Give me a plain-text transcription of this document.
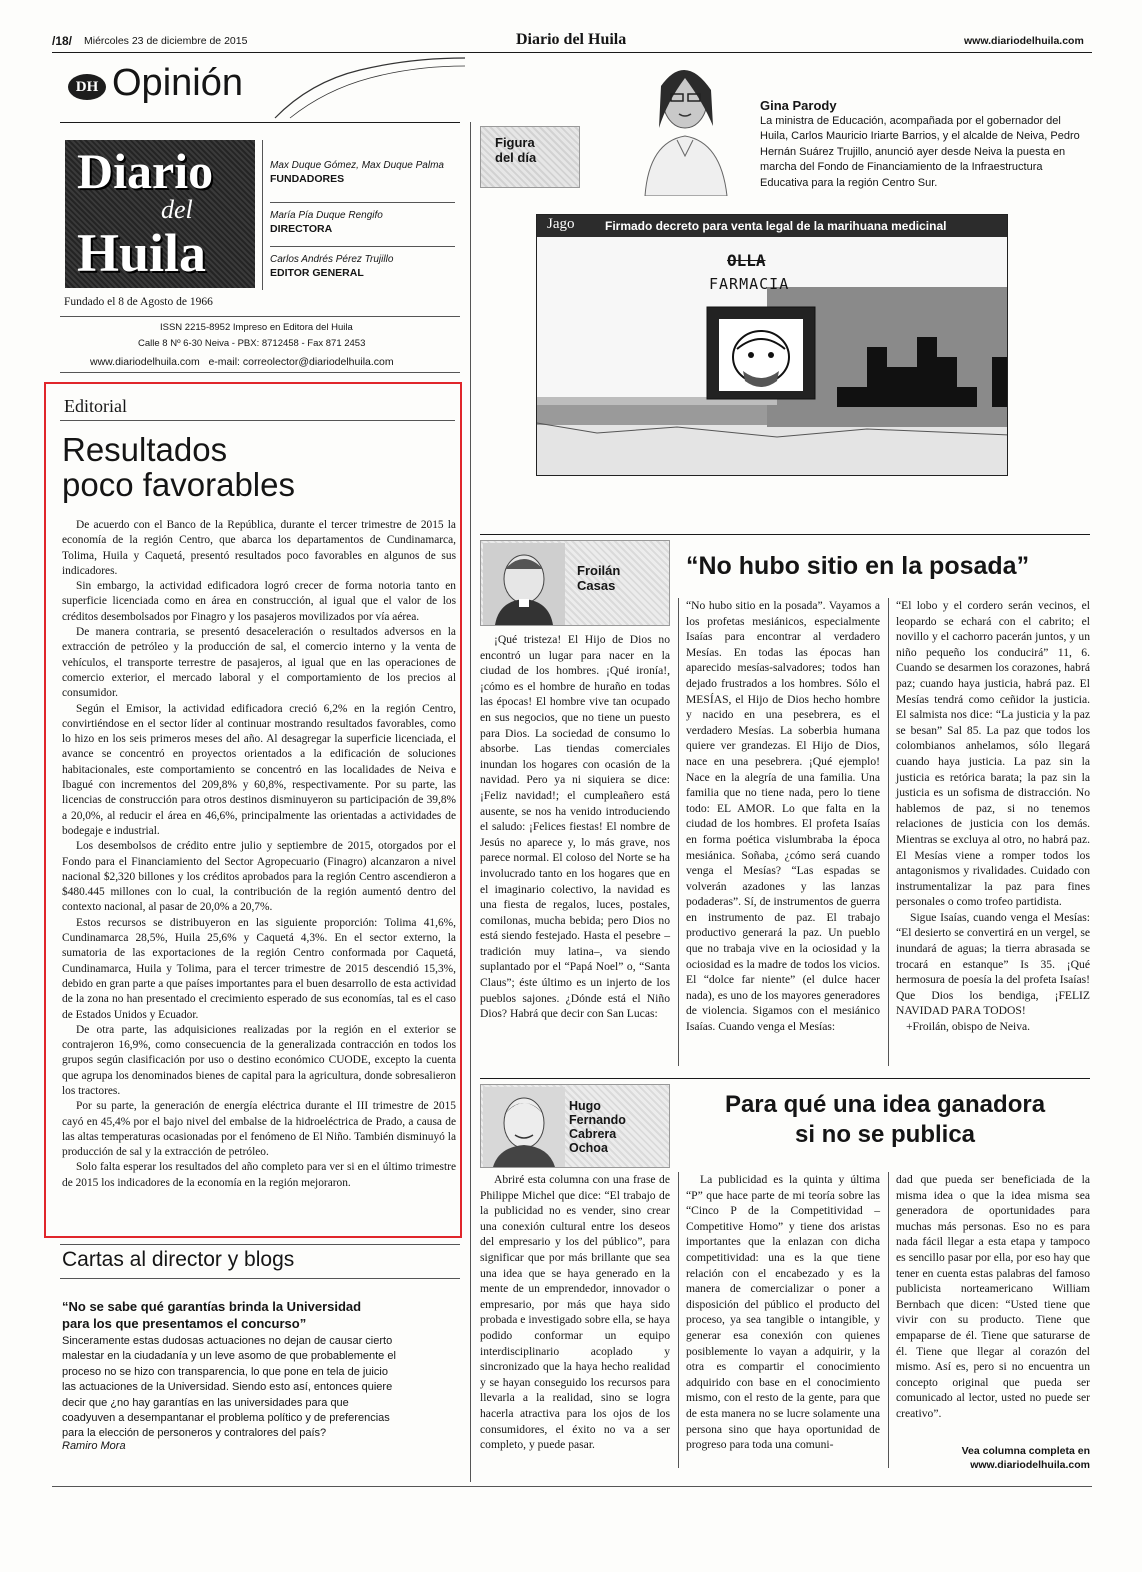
/18/ Miércoles 23 de diciembre de 2015	Diario del Huila	www.diariodelhuila.com
DH Opinión
Diario
del
Huila
Max Duque Gómez, Max Duque Palma
FUNDADORES
María Pía Duque Rengifo
DIRECTORA
Carlos Andrés Pérez Trujillo
EDITOR GENERAL
Fundado el 8 de Agosto de 1966
ISSN 2215-8952 Impreso en Editora del Huila
Calle 8 Nº 6-30 Neiva - PBX: 8712458 - Fax 871 2453
www.diariodelhuila.com   e-mail: correolector@diariodelhuila.com
Editorial
Resultados
poco favorables

De acuerdo con el Banco de la República, durante el tercer trimestre de 2015 la economía de la región Centro, que abarca los departamentos de Cundinamarca, Tolima, Huila y Caquetá, presentó resultados poco favorables en algunos de sus indicadores.

Sin embargo, la actividad edificadora logró crecer de forma notoria tanto en superficie licenciada como en área en construcción, al igual que el valor de los créditos desembolsados por Finagro y los pasajeros movilizados por vía aérea.

De manera contraria, se presentó desaceleración o resultados adversos en la extracción de petróleo y la producción de sal, el comercio interno y la venta de vehículos, el transporte terrestre de pasajeros, al igual que en las operaciones de comercio exterior, el mercado laboral y el comportamiento de los precios al consumidor.

Según el Emisor, la actividad edificadora creció 6,2% en la región Centro, convirtiéndose en el sector líder al continuar mostrando resultados favorables, como lo hizo en los seis primeros meses del año. Al desagregar la superficie licenciada, el avance se concentró en proyectos orientados a la edificación de soluciones habitacionales, este comportamiento se concentró en las localidades de Neiva e Ibagué con incrementos del 209,8% y 60,8%, respectivamente. Por su parte, las licencias de construcción para otros destinos disminuyeron su participación de 39,8% a 20,0%, al reducir el área en 46,6%, principalmente las orientadas a actividades de bodegaje e industrial.

Los desembolsos de crédito entre julio y septiembre de 2015, otorgados por el Fondo para el Financiamiento del Sector Agropecuario (Finagro) alcanzaron a nivel nacional $2,320 billones y los créditos aprobados para la región Centro ascendieron a $480.445 millones con lo cual, la contribución de la región aumentó dentro del contexto nacional, al pasar de 20,0% a 20,7%.

Estos recursos se distribuyeron en las siguiente proporción: Tolima 41,6%, Cundinamarca 28,5%, Huila 25,6% y Caquetá 4,3%. En el sector externo, la sumatoria de las exportaciones de la región Centro conformada por Caquetá, Cundinamarca, Huila y Tolima, para el tercer trimestre de 2015 descendió 15,3%, debido en gran parte a que países importantes para el buen desarrollo de esta actividad de la zona no han presentado el crecimiento esperado de sus economías, tal es el caso de Estados Unidos y Ecuador.

De otra parte, las adquisiciones realizadas por la región en el exterior se contrajeron 16,9%, como consecuencia de la generalizada contracción en todos los grupos según clasificación por uso o destino económico CUODE, excepto la cuenta que agrupa los denominados bienes de capital para la agricultura, donde sobresalieron los tractores.

Por su parte, la generación de energía eléctrica durante el III trimestre de 2015 cayó en 45,4% por el bajo nivel del embalse de la hidroeléctrica de Prado, a causa de las altas temperaturas ocasionadas por el fenómeno de El Niño. También disminuyó la producción de sal y la extracción de petróleo.

Solo falta esperar los resultados del año completo para ver si en el último trimestre de 2015 los indicadores de la economía en la región mejoraron.

Cartas al director y blogs
“No se sabe qué garantías brinda la Universidad para los que presentamos el concurso”
Sinceramente estas dudosas actuaciones no dejan de causar cierto malestar en la ciudadanía y un leve asomo de que probablemente el proceso no se hizo con transparencia, lo que pone en tela de juicio las actuaciones de la Universidad. Siendo esto así, entonces quiere decir que ¿no hay garantías en las universidades para que coadyuven a desempantanar el problema político y de preferencias para la elección de personeros y contralores del país?
Ramiro Mora
Figura
del día
Gina Parody
La ministra de Educación, acompañada por el gobernador del Huila, Carlos Mauricio Iriarte Barrios, y el alcalde de Neiva, Pedro Hernán Suárez Trujillo, anunció ayer desde Neiva la puesta en marcha del Fondo de Financiamiento de la Infraestructura Educativa para la región Centro Sur.
Jago	Firmado decreto para venta legal de la marihuana medicinal
OLLA
FARMACIA
Froilán
Casas
“No hubo sitio en la posada”

¡Qué tristeza! El Hijo de Dios no encontró un lugar para nacer en la ciudad de los hombres. ¡Qué ironía!, ¡cómo es el hombre de huraño en todas las épocas! El hombre vive tan ocupado en sus negocios, que no tiene un puesto para Dios. La sociedad de consumo lo absorbe. Las tiendas comerciales inundan los hogares con ocasión de la navidad. Pero ya ni siquiera se dice: ¡Feliz navidad!; el cumpleañero está ausente, se nos ha venido introduciendo el saludo: ¡Felices fiestas! El nombre de Jesús no aparece y, lo más grave, nos parece normal. El coloso del Norte se ha involucrado tanto en los hogares que en el imaginario colectivo, la navidad es una fiesta de regalos, luces, postales, comilonas, mucha bebida; pero Dios no está siendo festejado. Hasta el pesebre –tradición muy latina–, va siendo suplantado por el “Papá Noel” o, “Santa Claus”; éste último es un injerto de los pueblos sajones. ¿Dónde está el Niño Dios? Habrá que decir con San Lucas:

“No hubo sitio en la posada”. Vayamos a los profetas mesiánicos, especialmente Isaías para encontrar al verdadero Mesías. En todas las épocas han aparecido mesías-salvadores; todos han dejado frustrados a los hombres. Sólo el MESÍAS, el Hijo de Dios hecho hombre y nacido en una pesebrera, es el verdadero Mesías. La soberbia humana quiere ver grandezas. El Hijo de Dios, nace en una pesebrera. ¡Qué ejemplo! Nace en la alegría de una familia. Una familia que no tiene nada, pero lo tiene todo: EL AMOR. Lo que falta en la ciudad de los hombres. El profeta Isaías en forma poética vislumbraba la época mesiánica. Soñaba, ¿cómo será cuando venga el Mesías? “Las espadas se volverán azadones y las lanzas podaderas”. Sí, de instrumentos de guerra en instrumento de paz. El trabajo productivo generará la paz. Un pueblo que no trabaja vive en la ociosidad y la ociosidad es la madre de todos los vicios. El “dolce far niente” (el dulce hacer nada), es uno de los mayores generadores de violencia. Sigamos con el mesiánico Isaías. Cuando venga el Mesías:

“El lobo y el cordero serán vecinos, el leopardo se echará con el cabrito; el novillo y el cachorro pacerán juntos, y un niño pequeño los conducirá” 11, 6. Cuando se desarmen los corazones, habrá paz; cuando haya justicia, habrá paz. El Mesías tendrá como ceñidor la justicia. El salmista nos dice: “La justicia y la paz se besan” Sal 85. La paz que todos los colombianos anhelamos, sólo llegará cuando haya justicia. La paz sin la justicia es retórica barata; la paz sin la justicia es un sofisma de distracción. No hablemos de paz, si no tenemos relaciones de justicia con los demás. Mientras se excluya al otro, no habrá paz. El Mesías viene a romper todos los antagonismos y rivalidades. Cuidado con instrumentalizar la paz para fines personales o como trofeo partidista.

Sigue Isaías, cuando venga el Mesías: “El desierto se convertirá en un vergel, se inundará de aguas; la tierra abrasada se trocará en estanque” Is 35. ¡Qué hermosura de poesía la del profeta Isaías! Que Dios los bendiga, ¡FELIZ NAVIDAD PARA TODOS!

+Froilán, obispo de Neiva.

Hugo
Fernando
Cabrera
Ochoa
Para qué una idea ganadora
si no se publica

Abriré esta columna con una frase de Philippe Michel que dice: “El trabajo de la publicidad no es vender, sino crear una conexión cultural entre los deseos del empresario y los del público”, para significar que por más brillante que sea una idea que se haya generado en la mente de un emprendedor, innovador o empresario, por más que haya sido probada e investigado sobre ella, se haya podido conformar un equipo interdisciplinario acoplado y sincronizado que la haya hecho realidad y se hayan conseguido los recursos para llevarla a la realidad, sino se logra hacerla atractiva para los ojos de los consumidores, el éxito no va a ser completo, y puede pasar.

La publicidad es la quinta y última “P” que hace parte de mi teoría sobre las “Cinco P de la Competitividad – Competitive Homo” y tiene dos aristas importantes que la enlazan con dicha competitividad: una es la que tiene relación con el encabezado y es la manera de comercializar o poner a disposición del público el producto del proceso, ya sea tangible o intangible, y generar esa conexión con quienes posiblemente lo vayan a adquirir, y la otra es compartir el conocimiento adquirido con base en el conocimiento mismo, con el resto de la gente, para que de esta manera no se lucre solamente una persona sino que haya oportunidad de progreso para toda una comuni-

dad que pueda ser beneficiada de la misma idea o que la idea misma sea generadora de oportunidades para muchas más personas. Eso no es para nada fácil llegar a esta etapa y tampoco es sencillo pasar por ella, por eso hay que tener en cuenta estas palabras del famoso publicista norteamericano William Bernbach que dicen: “Usted tiene que vivir con su producto. Tiene que empaparse de él. Tiene que saturarse de él. Tiene que llegar al corazón del mismo. Así es, pero si no encuentra un concepto original que pueda ser comunicado al lector, usted no puede ser creativo”.

Vea columna completa en
www.diariodelhuila.com
